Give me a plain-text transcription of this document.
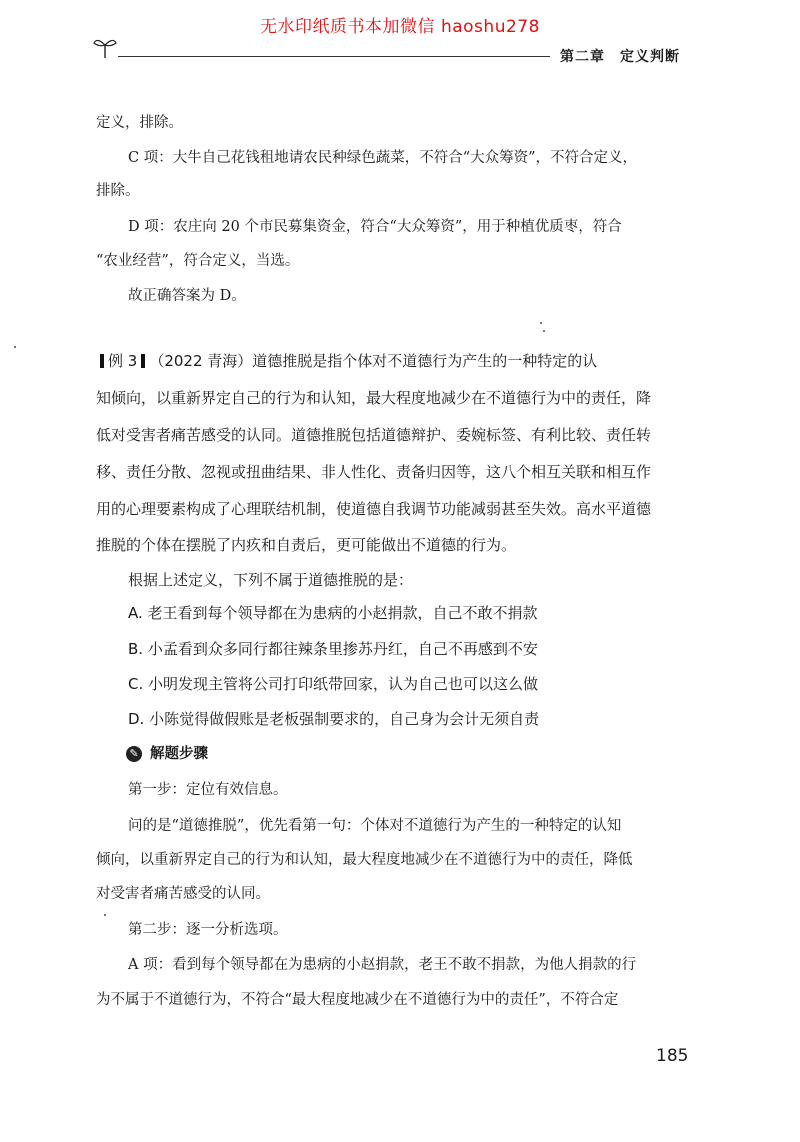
无水印纸质书本加微信 haoshu278
第二章　定义判断
定义，排除。
C 项：大牛自己花钱租地请农民种绿色蔬菜，不符合“大众筹资”，不符合定义，
排除。
D 项：农庄向 20 个市民募集资金，符合“大众筹资”，用于种植优质枣，符合
“农业经营”，符合定义，当选。
故正确答案为 D。
例 3 （2022 青海）道德推脱是指个体对不道德行为产生的一种特定的认
知倾向，以重新界定自己的行为和认知，最大程度地减少在不道德行为中的责任，降
低对受害者痛苦感受的认同。道德推脱包括道德辩护、委婉标签、有利比较、责任转
移、责任分散、忽视或扭曲结果、非人性化、责备归因等，这八个相互关联和相互作
用的心理要素构成了心理联结机制，使道德自我调节功能减弱甚至失效。高水平道德
推脱的个体在摆脱了内疚和自责后，更可能做出不道德的行为。
根据上述定义，下列不属于道德推脱的是：
A. 老王看到每个领导都在为患病的小赵捐款，自己不敢不捐款
B. 小孟看到众多同行都往辣条里掺苏丹红，自己不再感到不安
C. 小明发现主管将公司打印纸带回家，认为自己也可以这么做
D. 小陈觉得做假账是老板强制要求的，自己身为会计无须自责
✎ 解题步骤
第一步：定位有效信息。
问的是“道德推脱”，优先看第一句：个体对不道德行为产生的一种特定的认知
倾向，以重新界定自己的行为和认知，最大程度地减少在不道德行为中的责任，降低
对受害者痛苦感受的认同。
第二步：逐一分析选项。
A 项：看到每个领导都在为患病的小赵捐款，老王不敢不捐款，为他人捐款的行
为不属于不道德行为，不符合“最大程度地减少在不道德行为中的责任”，不符合定
185
